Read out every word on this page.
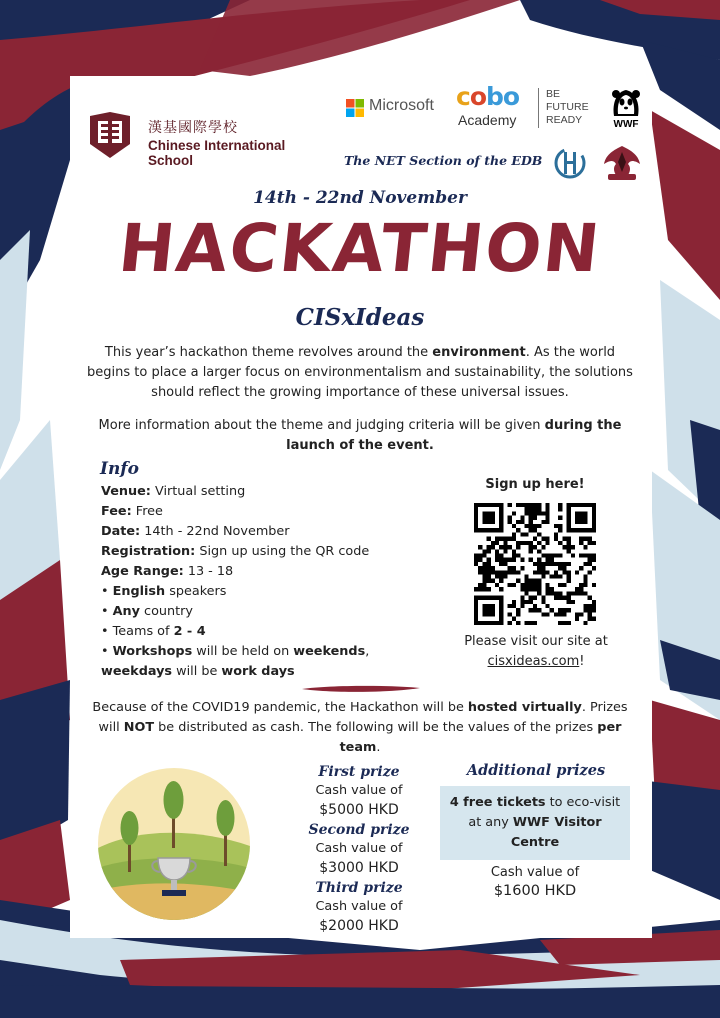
漢基國際學校
Chinese International School
Microsoft cobo
Academy
BE
FUTURE
READY	WWF
The NET Section of the EDB
14th - 22nd November
HACKATHON
CISxIdeas
This year’s hackathon theme revolves around the environment. As the world begins to place a larger focus on environmentalism and sustainability, the solutions should reflect the growing importance of these universal issues.
More information about the theme and judging criteria will be given during the launch of the event.
Info
Venue: Virtual setting
Fee: Free
Date: 14th - 22nd November
Registration: Sign up using the QR code
Age Range: 13 - 18
• English speakers
• Any country
• Teams of 2 - 4
• Workshops will be held on weekends,
weekdays will be work days
Sign up here!
Please visit our site at
cisxideas.com!
Because of the COVID19 pandemic, the Hackathon will be hosted virtually. Prizes will NOT be distributed as cash. The following will be the values of the prizes per team.
First prize
Cash value of
$5000 HKD
Second prize
Cash value of
$3000 HKD
Third prize
Cash value of
$2000 HKD
Additional prizes
4 free tickets to eco-visit at any WWF Visitor Centre
Cash value of
$1600 HKD
